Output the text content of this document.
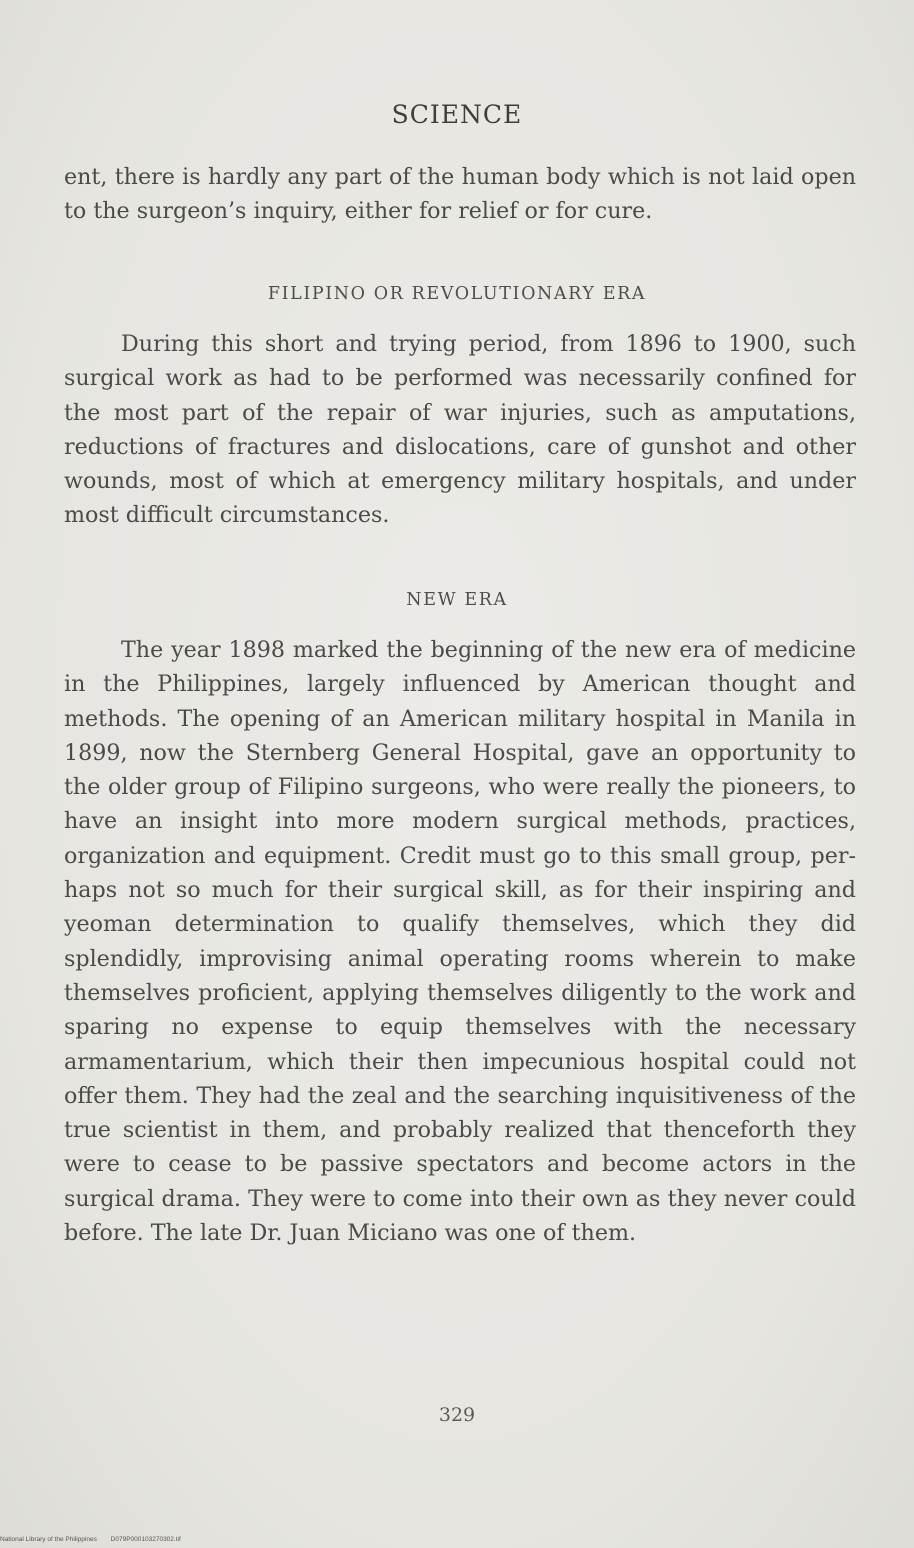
SCIENCE

ent, there is hardly any part of the human body which is not laid open to the surgeon’s inquiry, either for relief or for cure.

FILIPINO OR REVOLUTIONARY ERA

During this short and trying period, from 1896 to 1900, such surgical work as had to be performed was necessarily confined for the most part of the repair of war injuries, such as amputations, reductions of fractures and dislocations, care of gunshot and other wounds, most of which at emergency military hospitals, and under most difficult circumstances.

NEW ERA

The year 1898 marked the beginning of the new era of medicine in the Philippines, largely influenced by American thought and methods. The opening of an American military hospital in Manila in 1899, now the Sternberg General Hospital, gave an opportunity to the older group of Filipino surgeons, who were really the pioneers, to have an insight into more modern surgical methods, practices, organization and equipment. Credit must go to this small group, perhaps not so much for their surgical skill, as for their inspiring and yeoman determination to qualify themselves, which they did splendidly, improvising animal operating rooms wherein to make themselves proficient, applying themselves diligently to the work and sparing no expense to equip themselves with the necessary armamentarium, which their then impecunious hospital could not offer them. They had the zeal and the searching inquisitiveness of the true scientist in them, and probably realized that thenceforth they were to cease to be passive spectators and become actors in the surgical drama. They were to come into their own as they never could before. The late Dr. Juan Miciano was one of them.

329
National Library of the Philippines D079P000103270302.tif
